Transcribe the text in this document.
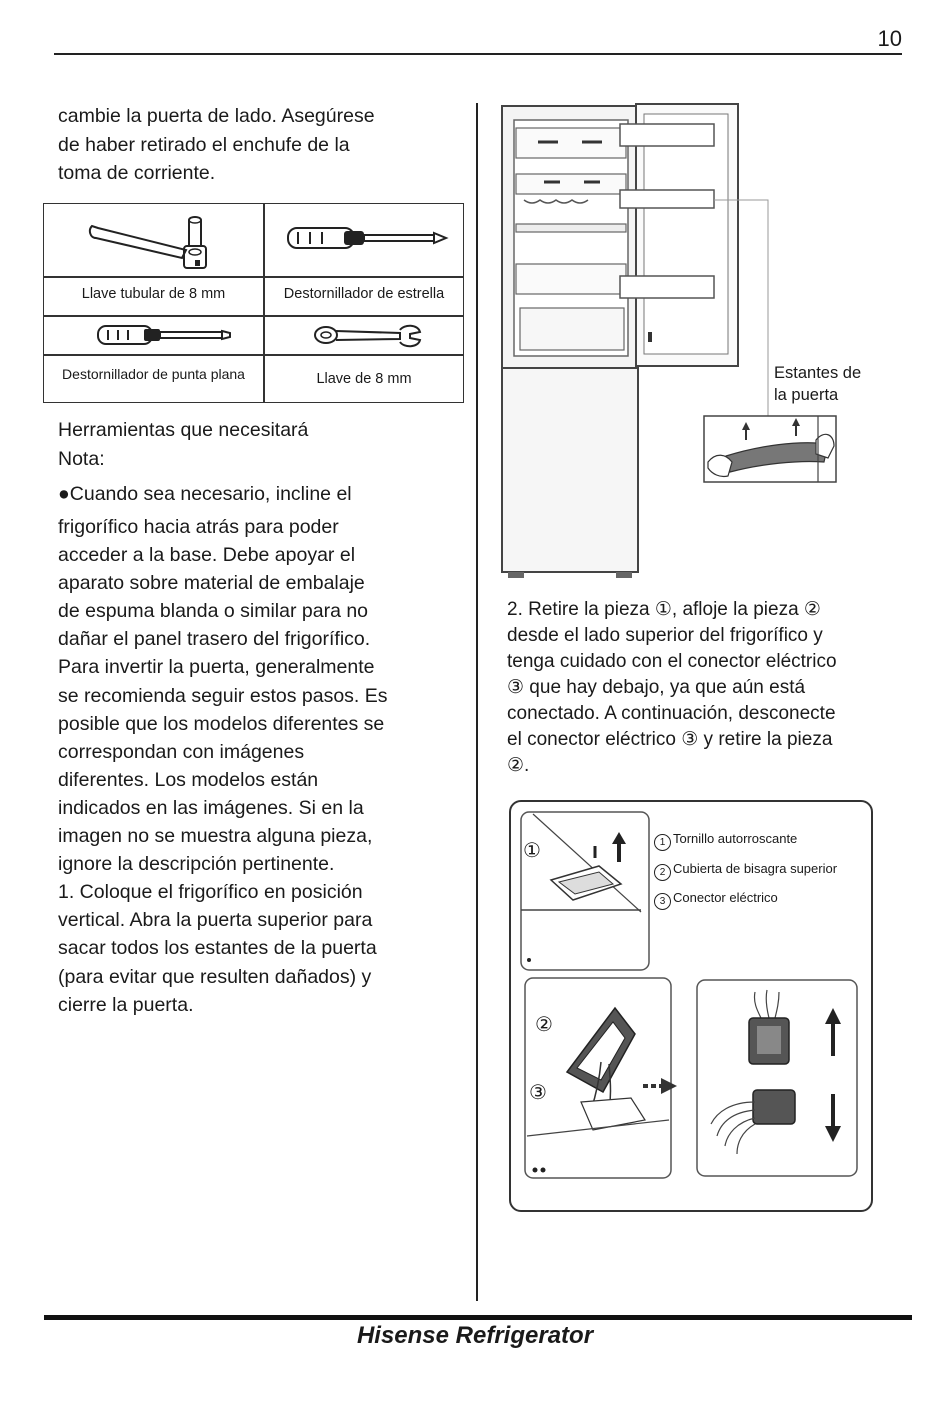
10

cambie la puerta de lado. Asegúrese

de haber retirado el enchufe de la

toma de corriente.

Llave tubular de 8 mm	Destornillador de estrella
Destornillador de punta plana	Llave de 8 mm

Herramientas que necesitará

Nota:

●Cuando sea necesario, incline el

frigorífico hacia atrás para poder

acceder a la base. Debe apoyar el

aparato sobre material de embalaje

de espuma blanda o similar para no

dañar el panel trasero del frigorífico.

Para invertir la puerta, generalmente

se recomienda seguir estos pasos. Es

posible que los modelos diferentes se

correspondan con imágenes

diferentes. Los modelos están

indicados en las imágenes. Si en la

imagen no se muestra alguna pieza,

ignore la descripción pertinente.

1. Coloque el frigorífico en posición

vertical. Abra la puerta superior para

sacar todos los estantes de la puerta

(para evitar que resulten dañados) y

cierre la puerta.

Estantes de
la puerta
2. Retire la pieza ①, afloje la pieza ②
desde el lado superior del frigorífico y
tenga cuidado con el conector eléctrico
③ que hay debajo, ya que aún está
conectado. A continuación, desconecte
el conector eléctrico ③ y retire la pieza
②.
①
②
③
1 Tornillo autorroscante
2 Cubierta de bisagra superior
3 Conector eléctrico
Hisense Refrigerator
